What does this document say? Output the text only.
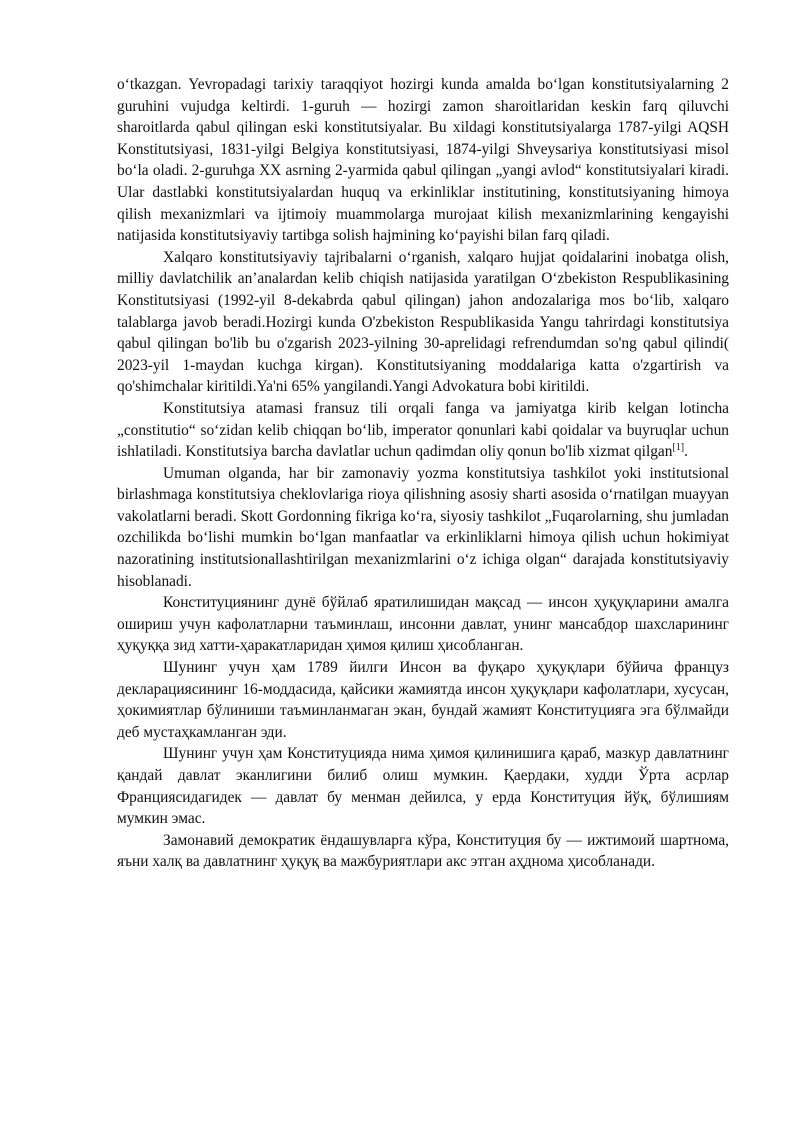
o‘tkazgan. Yevropadagi tarixiy taraqqiyot hozirgi kunda amalda bo‘lgan konstitutsiyalarning 2 guruhini vujudga keltirdi. 1-guruh — hozirgi zamon sharoitlaridan keskin farq qiluvchi sharoitlarda qabul qilingan eski konstitutsiyalar. Bu xildagi konstitutsiyalarga 1787-yilgi AQSH Konstitutsiyasi, 1831-yilgi Belgiya konstitutsiyasi, 1874-yilgi Shveysariya konstitutsiyasi misol bo‘la oladi. 2-guruhga XX asrning 2-yarmida qabul qilingan „yangi avlod“ konstitutsiyalari kiradi. Ular dastlabki konstitutsiyalardan huquq va erkinliklar institutining, konstitutsiyaning himoya qilish mexanizmlari va ijtimoiy muammolarga murojaat kilish mexanizmlarining kengayishi natijasida konstitutsiyaviy tartibga solish hajmining ko‘payishi bilan farq qiladi.

Xalqaro konstitutsiyaviy tajribalarni o‘rganish, xalqaro hujjat qoidalarini inobatga olish, milliy davlatchilik an’analardan kelib chiqish natijasida yaratilgan O‘zbekiston Respublikasining Konstitutsiyasi (1992-yil 8-dekabrda qabul qilingan) jahon andozalariga mos bo‘lib, xalqaro talablarga javob beradi.Hozirgi kunda O'zbekiston Respublikasida Yangu tahrirdagi konstitutsiya qabul qilingan bo'lib bu o'zgarish 2023-yilning 30-aprelidagi refrendumdan so'ng qabul qilindi( 2023-yil 1-maydan kuchga kirgan). Konstitutsiyaning moddalariga katta o'zgartirish va qo'shimchalar kiritildi.Ya'ni 65% yangilandi.Yangi Advokatura bobi kiritildi.

Konstitutsiya atamasi fransuz tili orqali fanga va jamiyatga kirib kelgan lotincha „constitutio“ so‘zidan kelib chiqqan bo‘lib, imperator qonunlari kabi qoidalar va buyruqlar uchun ishlatiladi. Konstitutsiya barcha davlatlar uchun qadimdan oliy qonun bo'lib xizmat qilgan[1].

Umuman olganda, har bir zamonaviy yozma konstitutsiya tashkilot yoki institutsional birlashmaga konstitutsiya cheklovlariga rioya qilishning asosiy sharti asosida o‘rnatilgan muayyan vakolatlarni beradi. Skott Gordonning fikriga ko‘ra, siyosiy tashkilot „Fuqarolarning, shu jumladan ozchilikda bo‘lishi mumkin bo‘lgan manfaatlar va erkinliklarni himoya qilish uchun hokimiyat nazoratining institutsionallashtirilgan mexanizmlarini o‘z ichiga olgan“ darajada konstitutsiyaviy hisoblanadi.

Конституциянинг дунё бўйлаб яратилишидан мақсад — инсон ҳуқуқларини амалга ошириш учун кафолатларни таъминлаш, инсонни давлат, унинг мансабдор шахсларининг ҳуқуққа зид хатти-ҳаракатларидан ҳимоя қилиш ҳисобланган.

Шунинг учун ҳам 1789 йилги Инсон ва фуқаро ҳуқуқлари бўйича француз декларациясининг 16-моддасида, қайсики жамиятда инсон ҳуқуқлари кафолатлари, хусусан, ҳокимиятлар бўлиниши таъминланмаган экан, бундай жамият Конституцияга эга бўлмайди деб мустаҳкамланган эди.

Шунинг учун ҳам Конституцияда нима ҳимоя қилинишига қараб, мазкур давлатнинг қандай давлат эканлигини билиб олиш мумкин. Қаердаки, худди Ўрта асрлар Франциясидагидек — давлат бу менман дейилса, у ерда Конституция йўқ, бўлишиям мумкин эмас.

Замонавий демократик ёндашувларга кўра, Конституция бу — ижтимоий шартнома, яъни халқ ва давлатнинг ҳуқуқ ва мажбуриятлари акс этган аҳднома ҳисобланади.
